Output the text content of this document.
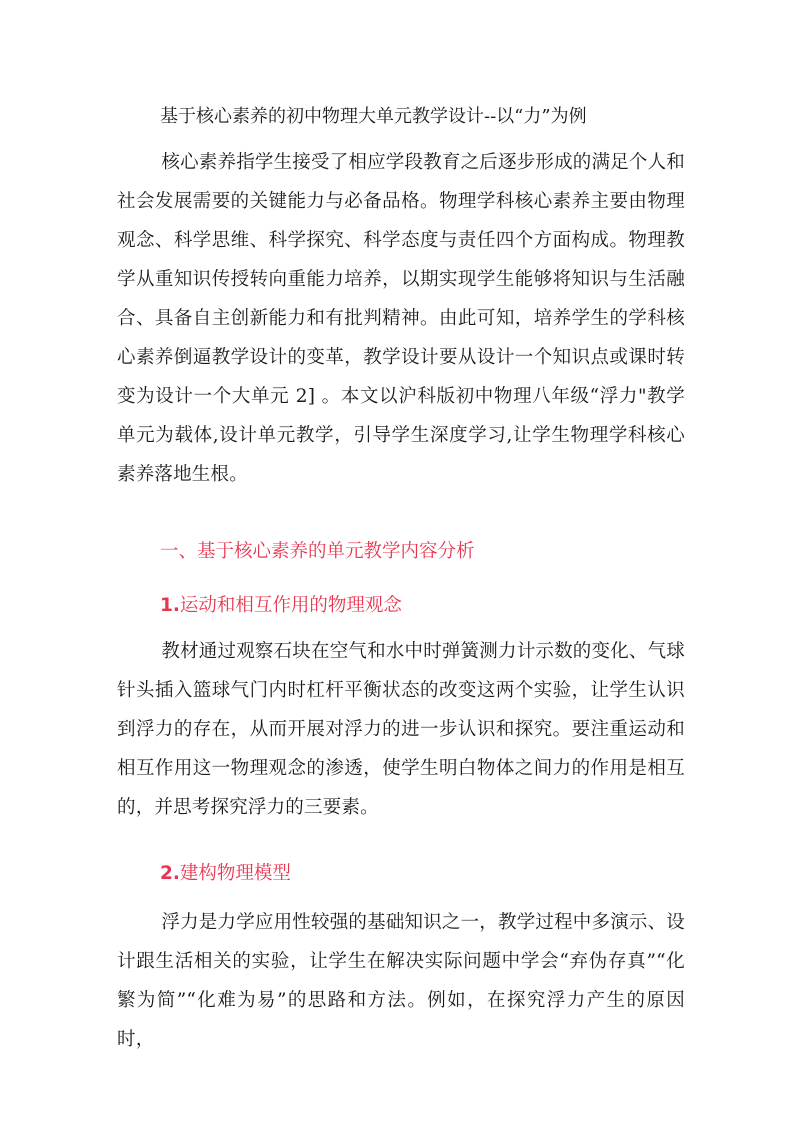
基于核心素养的初中物理大单元教学设计--以“力”为例

核心素养指学生接受了相应学段教育之后逐步形成的满足个人和社会发展需要的关键能力与必备品格。物理学科核心素养主要由物理观念、科学思维、科学探究、科学态度与责任四个方面构成。物理教学从重知识传授转向重能力培养，以期实现学生能够将知识与生活融合、具备自主创新能力和有批判精神。由此可知，培养学生的学科核心素养倒逼教学设计的变革，教学设计要从设计一个知识点或课时转变为设计一个大单元 2] 。本文以沪科版初中物理八年级“浮力"教学单元为载体,设计单元教学，引导学生深度学习,让学生物理学科核心素养落地生根。

一、基于核心素养的单元教学内容分析
1.运动和相互作用的物理观念

教材通过观察石块在空气和水中时弹簧测力计示数的变化、气球针头插入篮球气门内时杠杆平衡状态的改变这两个实验，让学生认识到浮力的存在，从而开展对浮力的进一步认识和探究。要注重运动和相互作用这一物理观念的渗透，使学生明白物体之间力的作用是相互的，并思考探究浮力的三要素。

2.建构物理模型

浮力是力学应用性较强的基础知识之一，教学过程中多演示、设计跟生活相关的实验，让学生在解决实际问题中学会“弃伪存真”“化繁为简”“化难为易”的思路和方法。例如，在探究浮力产生的原因时，
